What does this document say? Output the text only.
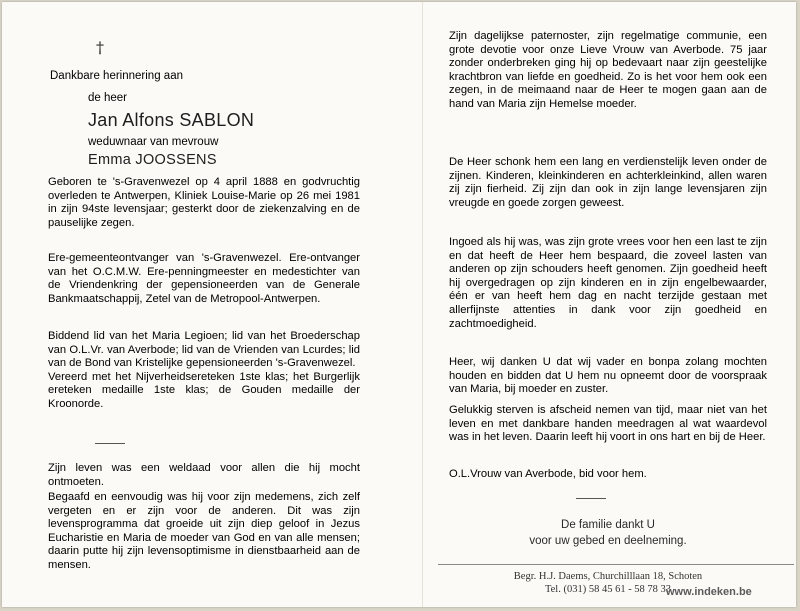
†
Dankbare herinnering aan
de heer
Jan Alfons SABLON
weduwnaar van mevrouw
Emma JOOSSENS

Geboren te 's-Gravenwezel op 4 april 1888 en godvruchtig overleden te Antwerpen, Kliniek Louise-Marie op 26 mei 1981 in zijn 94ste levensjaar; gesterkt door de ziekenzalving en de pauselijke zegen.

Ere-gemeenteontvanger van 's-Gravenwezel. Ere-ontvanger van het O.C.M.W. Ere-penningmeester en medestichter van de Vriendenkring der gepensioneerden van de Generale Bankmaatschappij, Zetel van de Metropool-Antwerpen.

Biddend lid van het Maria Legioen; lid van het Broederschap van O.L.Vr. van Averbode; lid van de Vrienden van Lcurdes; lid van de Bond van Kristelijke gepensioneerden 's-Gravenwezel.
Vereerd met het Nijverheidsereteken 1ste klas; het Burgerlijk ereteken medaille 1ste klas; de Gouden medaille der Kroonorde.

Zijn leven was een weldaad voor allen die hij mocht ontmoeten.

Begaafd en eenvoudig was hij voor zijn medemens, zich zelf vergeten en er zijn voor de anderen. Dit was zijn levensprogramma dat groeide uit zijn diep geloof in Jezus Eucharistie en Maria de moeder van God en van alle mensen; daarin putte hij zijn levensoptimisme in dienstbaarheid aan de mensen.

Zijn dagelijkse paternoster, zijn regelmatige communie, een grote devotie voor onze Lieve Vrouw van Averbode. 75 jaar zonder onderbreken ging hij op bedevaart naar zijn geestelijke krachtbron van liefde en goedheid. Zo is het voor hem ook een zegen, in de meimaand naar de Heer te mogen gaan aan de hand van Maria zijn Hemelse moeder.

De Heer schonk hem een lang en verdienstelijk leven onder de zijnen. Kinderen, kleinkinderen en achterkleinkind, allen waren zij zijn fierheid. Zij zijn dan ook in zijn lange levensjaren zijn vreugde en goede zorgen geweest.

Ingoed als hij was, was zijn grote vrees voor hen een last te zijn en dat heeft de Heer hem bespaard, die zoveel lasten van anderen op zijn schouders heeft genomen. Zijn goedheid heeft hij overgedragen op zijn kinderen en in zijn engelbewaarder, één er van heeft hem dag en nacht terzijde gestaan met allerfijnste attenties in dank voor zijn goedheid en zachtmoedigheid.

Heer, wij danken U dat wij vader en bonpa zolang mochten houden en bidden dat U hem nu opneemt door de voorspraak van Maria, bij moeder en zuster.

Gelukkig sterven is afscheid nemen van tijd, maar niet van het leven en met dankbare handen meedragen al wat waardevol was in het leven. Daarin leeft hij voort in ons hart en bij de Heer.

O.L.Vrouw van Averbode, bid voor hem.

De familie dankt U
voor uw gebed en deelneming.
Begr. H.J. Daems, Churchilllaan 18, Schoten
Tel. (031) 58 45 61 - 58 78 33
www.indeken.be
